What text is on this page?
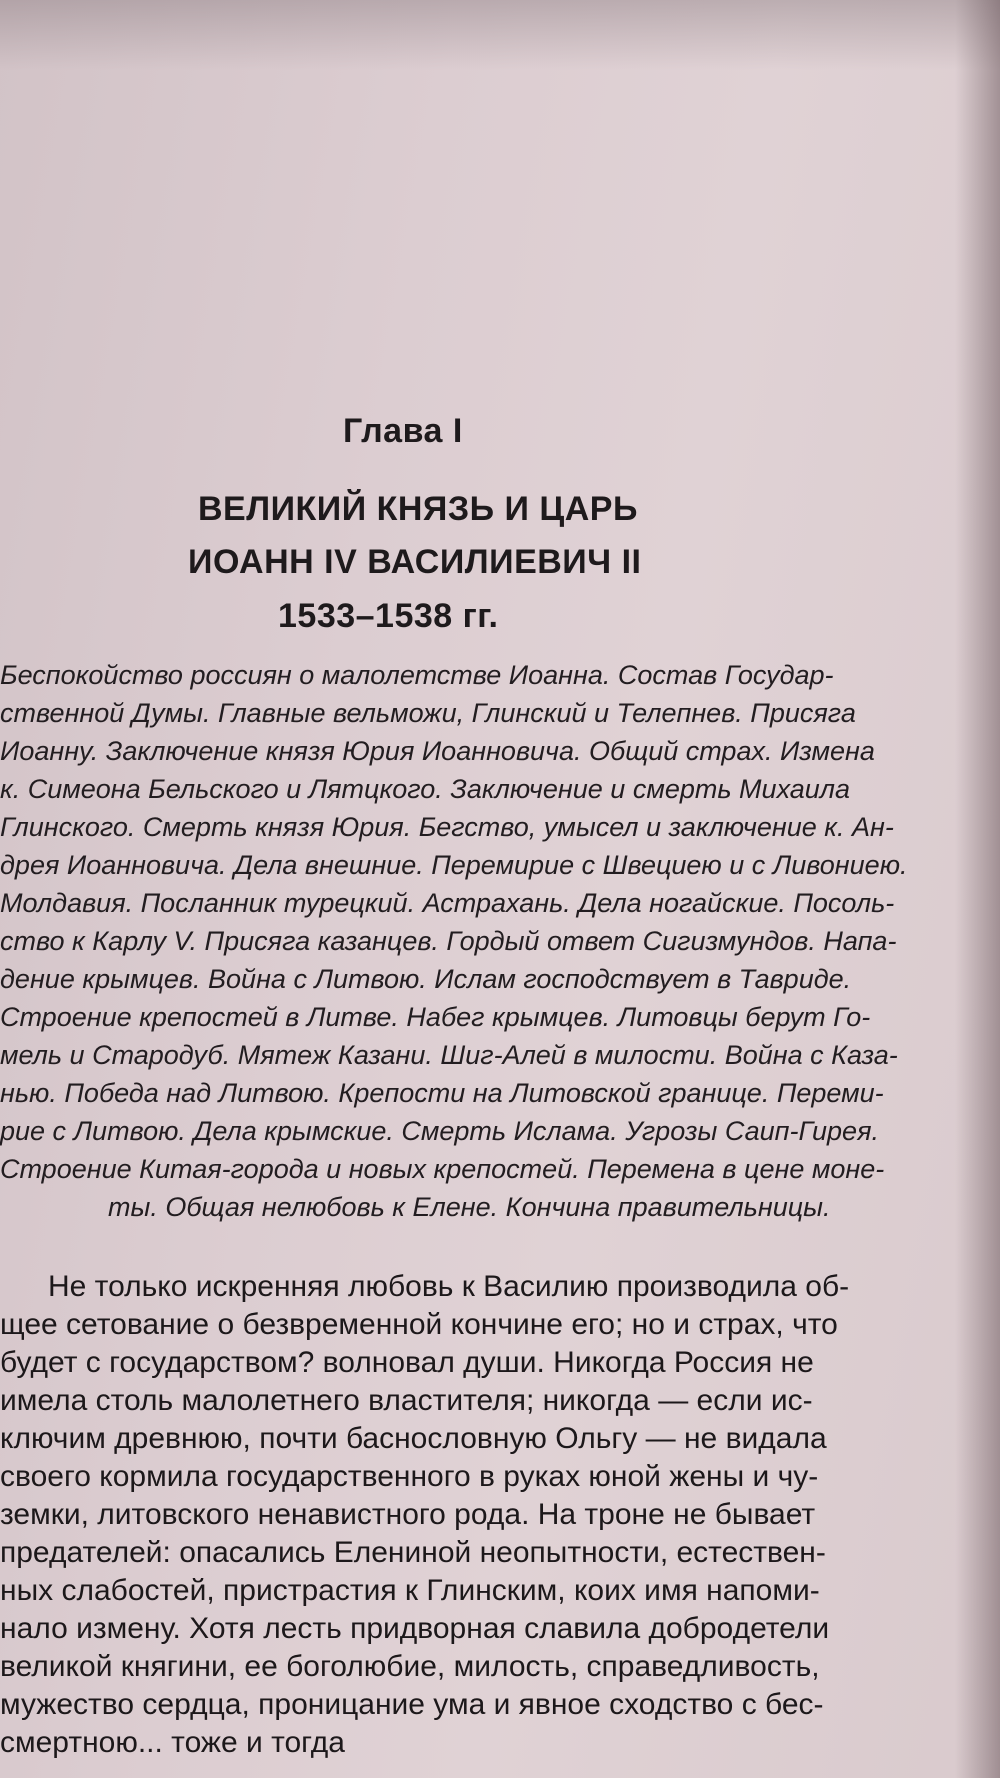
Глава I
ВЕЛИКИЙ КНЯЗЬ И ЦАРЬ
ИОАНН IV ВАСИЛИЕВИЧ II
1533–1538 гг.
Беспокойство россиян о малолетстве Иоанна. Состав Государ-
ственной Думы. Главные вельможи, Глинский и Телепнев. Присяга
Иоанну. Заключение князя Юрия Иоанновича. Общий страх. Измена
к. Симеона Бельского и Лятцкого. Заключение и смерть Михаила
Глинского. Смерть князя Юрия. Бегство, умысел и заключение к. Ан-
дрея Иоанновича. Дела внешние. Перемирие с Швециею и с Ливониею.
Молдавия. Посланник турецкий. Астрахань. Дела ногайские. Посоль-
ство к Карлу V. Присяга казанцев. Гордый ответ Сигизмундов. Напа-
дение крымцев. Война с Литвою. Ислам господствует в Тавриде.
Строение крепостей в Литве. Набег крымцев. Литовцы берут Го-
мель и Стародуб. Мятеж Казани. Шиг-Алей в милости. Война с Каза-
нью. Победа над Литвою. Крепости на Литовской границе. Переми-
рие с Литвою. Дела крымские. Смерть Ислама. Угрозы Саип-Гирея.
Строение Китая-города и новых крепостей. Перемена в цене моне-
ты. Общая нелюбовь к Елене. Кончина правительницы.
Не только искренняя любовь к Василию производила об-
щее сетование о безвременной кончине его; но и страх, что
будет с государством? волновал души. Никогда Россия не
имела столь малолетнего властителя; никогда — если ис-
ключим древнюю, почти баснословную Ольгу — не видала
своего кормила государственного в руках юной жены и чу-
земки, литовского ненавистного рода. На троне не бывает
предателей: опасались Елениной неопытности, естествен-
ных слабостей, пристрастия к Глинским, коих имя напоми-
нало измену. Хотя лесть придворная славила добродетели
великой княгини, ее боголюбие, милость, справедливость,
мужество сердца, проницание ума и явное сходство с бес-
смертною... тоже и тогда
